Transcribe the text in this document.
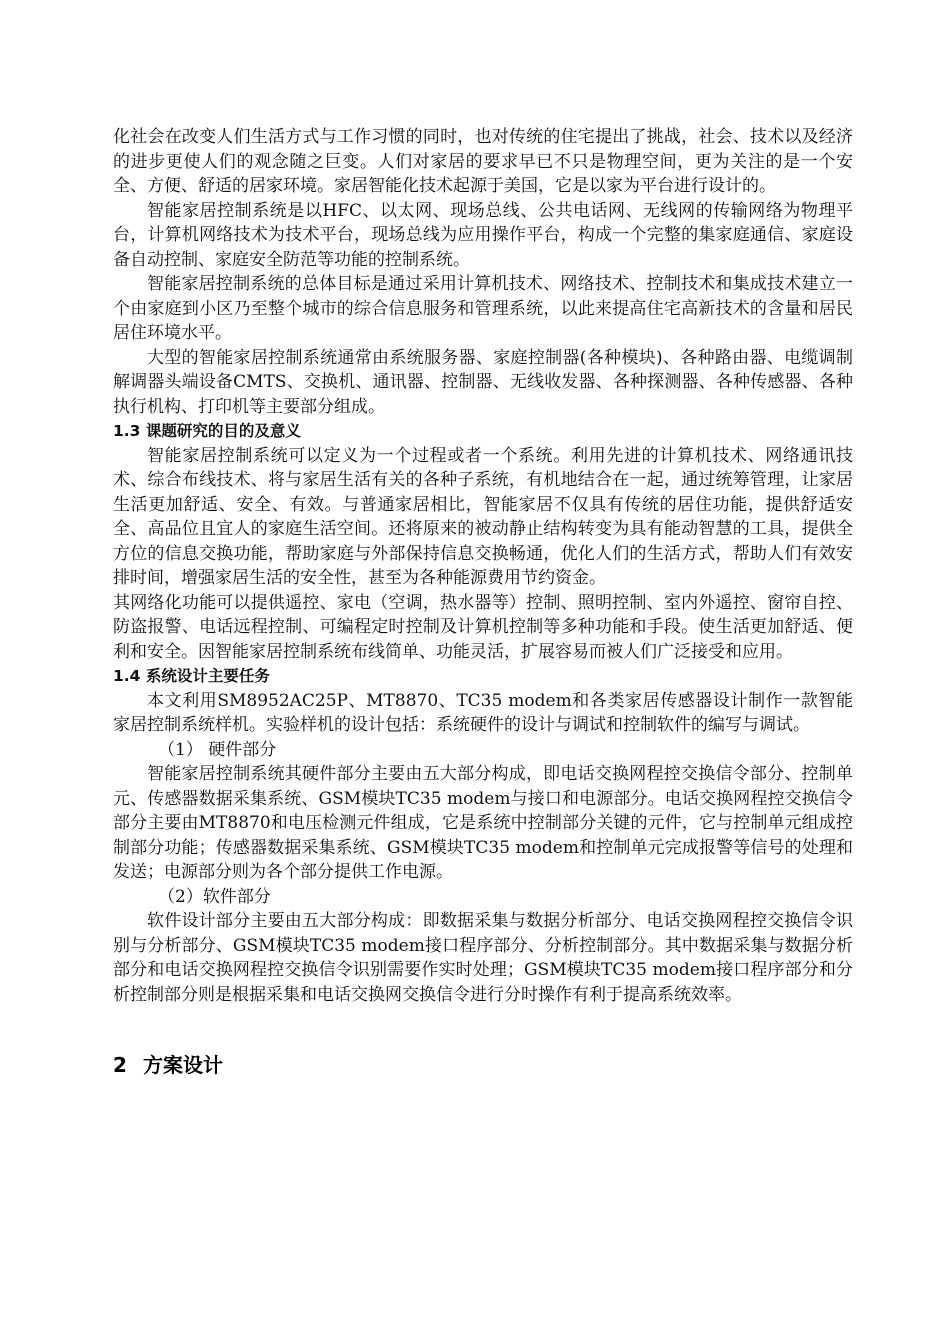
化社会在改变人们生活方式与工作习惯的同时，也对传统的住宅提出了挑战，社会、技术以及经济的进步更使人们的观念随之巨变。人们对家居的要求早已不只是物理空间，更为关注的是一个安全、方便、舒适的居家环境。家居智能化技术起源于美国，它是以家为平台进行设计的。

智能家居控制系统是以HFC、以太网、现场总线、公共电话网、无线网的传输网络为物理平台，计算机网络技术为技术平台，现场总线为应用操作平台，构成一个完整的集家庭通信、家庭设备自动控制、家庭安全防范等功能的控制系统。

智能家居控制系统的总体目标是通过采用计算机技术、网络技术、控制技术和集成技术建立一个由家庭到小区乃至整个城市的综合信息服务和管理系统，以此来提高住宅高新技术的含量和居民居住环境水平。

大型的智能家居控制系统通常由系统服务器、家庭控制器(各种模块)、各种路由器、电缆调制解调器头端设备CMTS、交换机、通讯器、控制器、无线收发器、各种探测器、各种传感器、各种执行机构、打印机等主要部分组成。

1.3 课题研究的目的及意义

智能家居控制系统可以定义为一个过程或者一个系统。利用先进的计算机技术、网络通讯技术、综合布线技术、将与家居生活有关的各种子系统，有机地结合在一起，通过统筹管理，让家居生活更加舒适、安全、有效。与普通家居相比，智能家居不仅具有传统的居住功能，提供舒适安全、高品位且宜人的家庭生活空间。还将原来的被动静止结构转变为具有能动智慧的工具，提供全方位的信息交换功能，帮助家庭与外部保持信息交换畅通，优化人们的生活方式，帮助人们有效安排时间，增强家居生活的安全性，甚至为各种能源费用节约资金。

其网络化功能可以提供遥控、家电（空调，热水器等）控制、照明控制、室内外遥控、窗帘自控、防盗报警、电话远程控制、可编程定时控制及计算机控制等多种功能和手段。使生活更加舒适、便利和安全。因智能家居控制系统布线简单、功能灵活，扩展容易而被人们广泛接受和应用。

1.4 系统设计主要任务

本文利用SM8952AC25P、MT8870、TC35 modem和各类家居传感器设计制作一款智能家居控制系统样机。实验样机的设计包括：系统硬件的设计与调试和控制软件的编写与调试。

（1） 硬件部分

智能家居控制系统其硬件部分主要由五大部分构成，即电话交换网程控交换信令部分、控制单元、传感器数据采集系统、GSM模块TC35 modem与接口和电源部分。电话交换网程控交换信令部分主要由MT8870和电压检测元件组成，它是系统中控制部分关键的元件，它与控制单元组成控制部分功能；传感器数据采集系统、GSM模块TC35 modem和控制单元完成报警等信号的处理和发送；电源部分则为各个部分提供工作电源。

（2）软件部分

软件设计部分主要由五大部分构成：即数据采集与数据分析部分、电话交换网程控交换信令识别与分析部分、GSM模块TC35 modem接口程序部分、分析控制部分。其中数据采集与数据分析部分和电话交换网程控交换信令识别需要作实时处理；GSM模块TC35 modem接口程序部分和分析控制部分则是根据采集和电话交换网交换信令进行分时操作有利于提高系统效率。

2 方案设计
